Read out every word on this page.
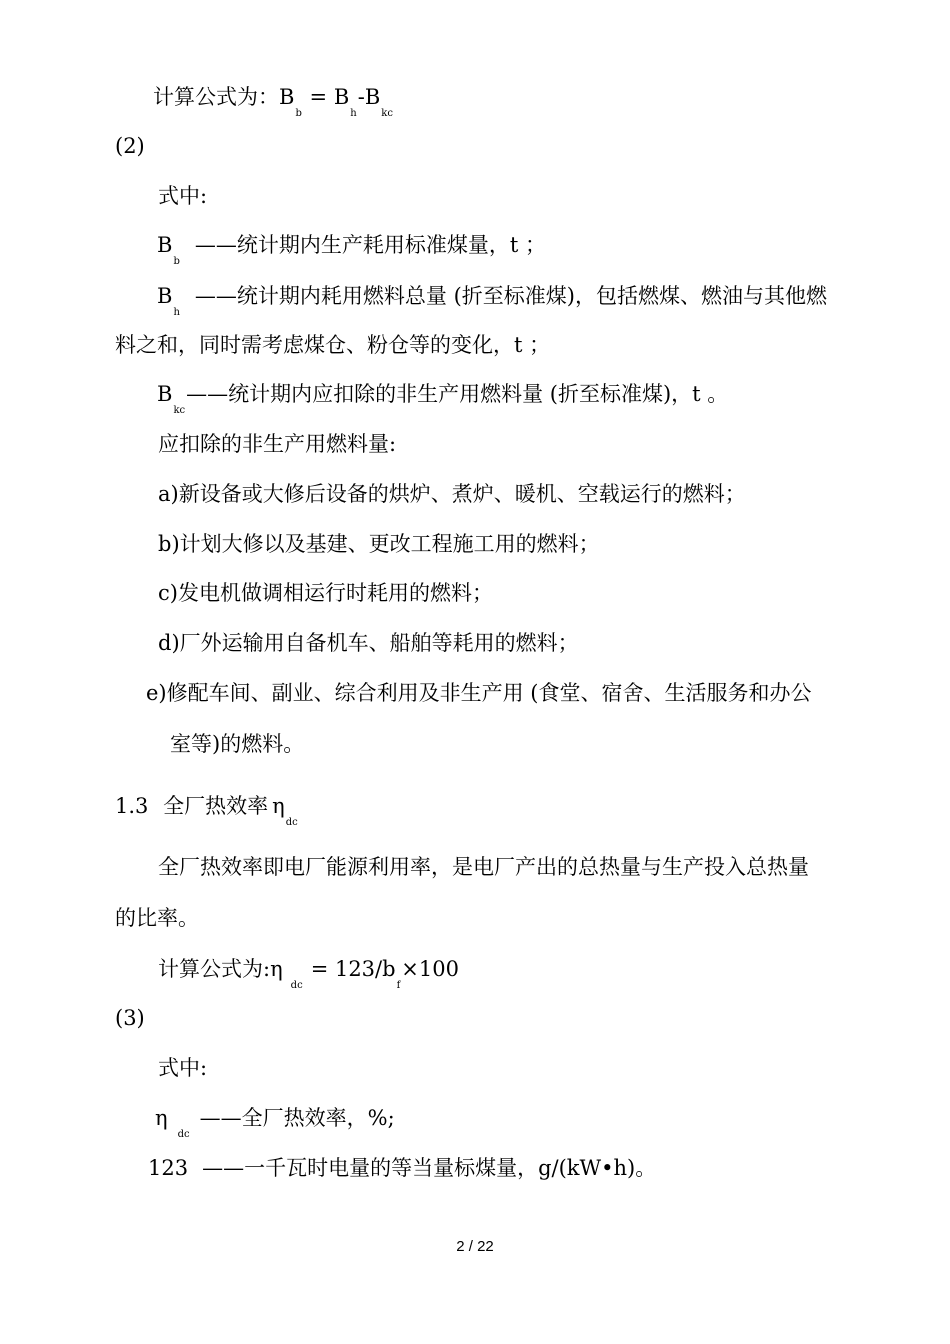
计算公式为：$B_b = B_h-B_{kc}$
(2)
式中:
$B_b——$统计期内生产耗用标准煤量，t ；
$B_h——$统计期内耗用燃料总量 (折至标准煤)，包括燃煤、燃油与其他燃
料之和，同时需考虑煤仓、粉仓等的变化，t ；
$B_{kc}——$统计期内应扣除的非生产用燃料量 (折至标准煤)，t 。
应扣除的非生产用燃料量:
a)新设备或大修后设备的烘炉、煮炉、暖机、空载运行的燃料；
b)计划大修以及基建、更改工程施工用的燃料；
c)发电机做调相运行时耗用的燃料；
d)厂外运输用自备机车、船舶等耗用的燃料；
e)修配车间、副业、综合利用及非生产用 (食堂、宿舍、生活服务和办公
室等)的燃料。
1.3 全厂热效率 $\eta_{dc}$
全厂热效率即电厂能源利用率，是电厂产出的总热量与生产投入总热量
的比率。
计算公式为$:\eta_{dc}= 123/b_f\times 100$
(3)
式中:
$\eta_{dc}——$全厂热效率，%;
123 ——一千瓦时电量的等当量标煤量，g/(kW•h)。
2 / 22
